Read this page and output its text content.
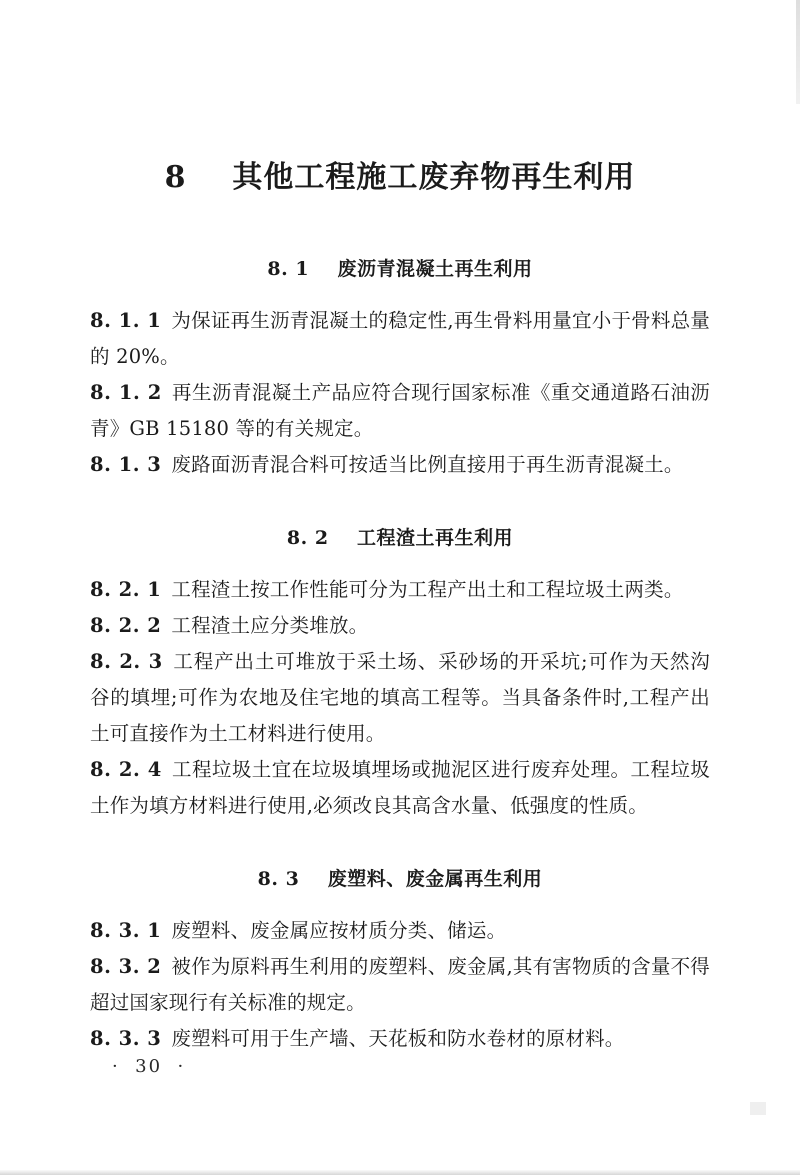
8    其他工程施工废弃物再生利用
8. 1    废沥青混凝土再生利用

8. 1. 1 为保证再生沥青混凝土的稳定性,再生骨料用量宜小于骨料总量的 20%。

8. 1. 2 再生沥青混凝土产品应符合现行国家标准《重交通道路石油沥青》GB 15180 等的有关规定。

8. 1. 3 废路面沥青混合料可按适当比例直接用于再生沥青混凝土。

8. 2    工程渣土再生利用

8. 2. 1 工程渣土按工作性能可分为工程产出土和工程垃圾土两类。

8. 2. 2 工程渣土应分类堆放。

8. 2. 3 工程产出土可堆放于采土场、采砂场的开采坑;可作为天然沟谷的填埋;可作为农地及住宅地的填高工程等。当具备条件时,工程产出土可直接作为土工材料进行使用。

8. 2. 4 工程垃圾土宜在垃圾填埋场或抛泥区进行废弃处理。工程垃圾土作为填方材料进行使用,必须改良其高含水量、低强度的性质。

8. 3    废塑料、废金属再生利用

8. 3. 1 废塑料、废金属应按材质分类、储运。

8. 3. 2 被作为原料再生利用的废塑料、废金属,其有害物质的含量不得超过国家现行有关标准的规定。

8. 3. 3 废塑料可用于生产墙、天花板和防水卷材的原材料。

·  30  ·
